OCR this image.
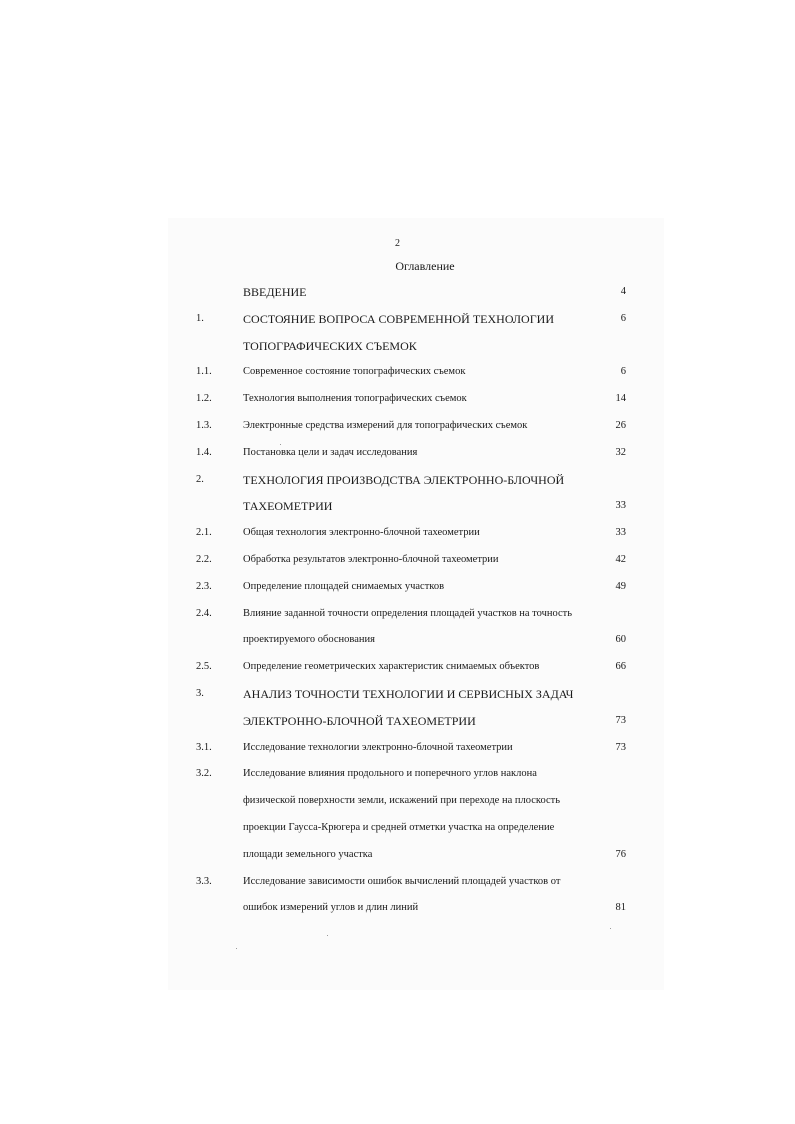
2
Оглавление
ВВЕДЕНИЕ	4
1.	СОСТОЯНИЕ ВОПРОСА СОВРЕМЕННОЙ ТЕХНОЛОГИИ	6
ТОПОГРАФИЧЕСКИХ СЪЕМОК
1.1.	Современное состояние топографических съемок	6
1.2.	Технология выполнения топографических съемок	14
1.3.	Электронные средства измерений для топографических съемок	26
1.4.	Постановка цели и задач исследования	32
2.	ТЕХНОЛОГИЯ ПРОИЗВОДСТВА ЭЛЕКТРОННО-БЛОЧНОЙ
ТАХЕОМЕТРИИ	33
2.1.	Общая технология электронно-блочной тахеометрии	33
2.2.	Обработка результатов электронно-блочной тахеометрии	42
2.3.	Определение площадей снимаемых участков	49
2.4.	Влияние заданной точности определения площадей участков на точность
проектируемого обоснования	60
2.5.	Определение геометрических характеристик снимаемых объектов	66
3.	АНАЛИЗ ТОЧНОСТИ ТЕХНОЛОГИИ И СЕРВИСНЫХ ЗАДАЧ
ЭЛЕКТРОННО-БЛОЧНОЙ ТАХЕОМЕТРИИ	73
3.1.	Исследование технологии электронно-блочной тахеометрии	73
3.2.	Исследование влияния продольного и поперечного углов наклона
физической поверхности земли, искажений при переходе на плоскость
проекции Гаусса-Крюгера и средней отметки участка на определение
площади земельного участка	76
3.3.	Исследование зависимости ошибок вычислений площадей участков от
ошибок измерений углов и длин линий	81
